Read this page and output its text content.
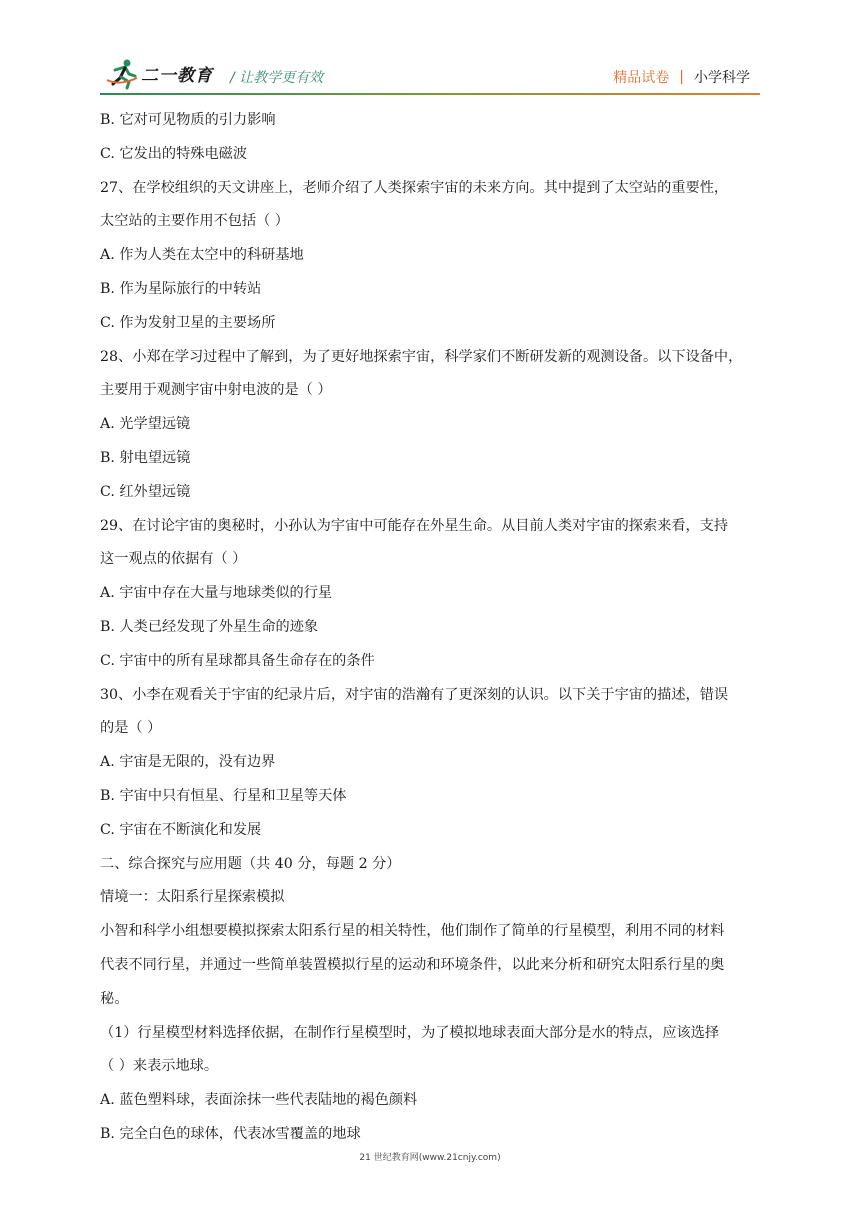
二一教育 / 让教学更有效	精品试卷 | 小学科学
B. 它对可见物质的引力影响
C. 它发出的特殊电磁波
27、在学校组织的天文讲座上，老师介绍了人类探索宇宙的未来方向。其中提到了太空站的重要性，
太空站的主要作用不包括（ ）
A. 作为人类在太空中的科研基地
B. 作为星际旅行的中转站
C. 作为发射卫星的主要场所
28、小郑在学习过程中了解到，为了更好地探索宇宙，科学家们不断研发新的观测设备。以下设备中，
主要用于观测宇宙中射电波的是（ ）
A. 光学望远镜
B. 射电望远镜
C. 红外望远镜
29、在讨论宇宙的奥秘时，小孙认为宇宙中可能存在外星生命。从目前人类对宇宙的探索来看，支持
这一观点的依据有（ ）
A. 宇宙中存在大量与地球类似的行星
B. 人类已经发现了外星生命的迹象
C. 宇宙中的所有星球都具备生命存在的条件
30、小李在观看关于宇宙的纪录片后，对宇宙的浩瀚有了更深刻的认识。以下关于宇宙的描述，错误
的是（ ）
A. 宇宙是无限的，没有边界
B. 宇宙中只有恒星、行星和卫星等天体
C. 宇宙在不断演化和发展
二、综合探究与应用题（共 40 分，每题 2 分）
情境一：太阳系行星探索模拟
小智和科学小组想要模拟探索太阳系行星的相关特性，他们制作了简单的行星模型，利用不同的材料
代表不同行星，并通过一些简单装置模拟行星的运动和环境条件，以此来分析和研究太阳系行星的奥
秘。
（1）行星模型材料选择依据，在制作行星模型时，为了模拟地球表面大部分是水的特点，应该选择
（ ）来表示地球。
A. 蓝色塑料球，表面涂抹一些代表陆地的褐色颜料
B. 完全白色的球体，代表冰雪覆盖的地球
21 世纪教育网(www.21cnjy.com)
